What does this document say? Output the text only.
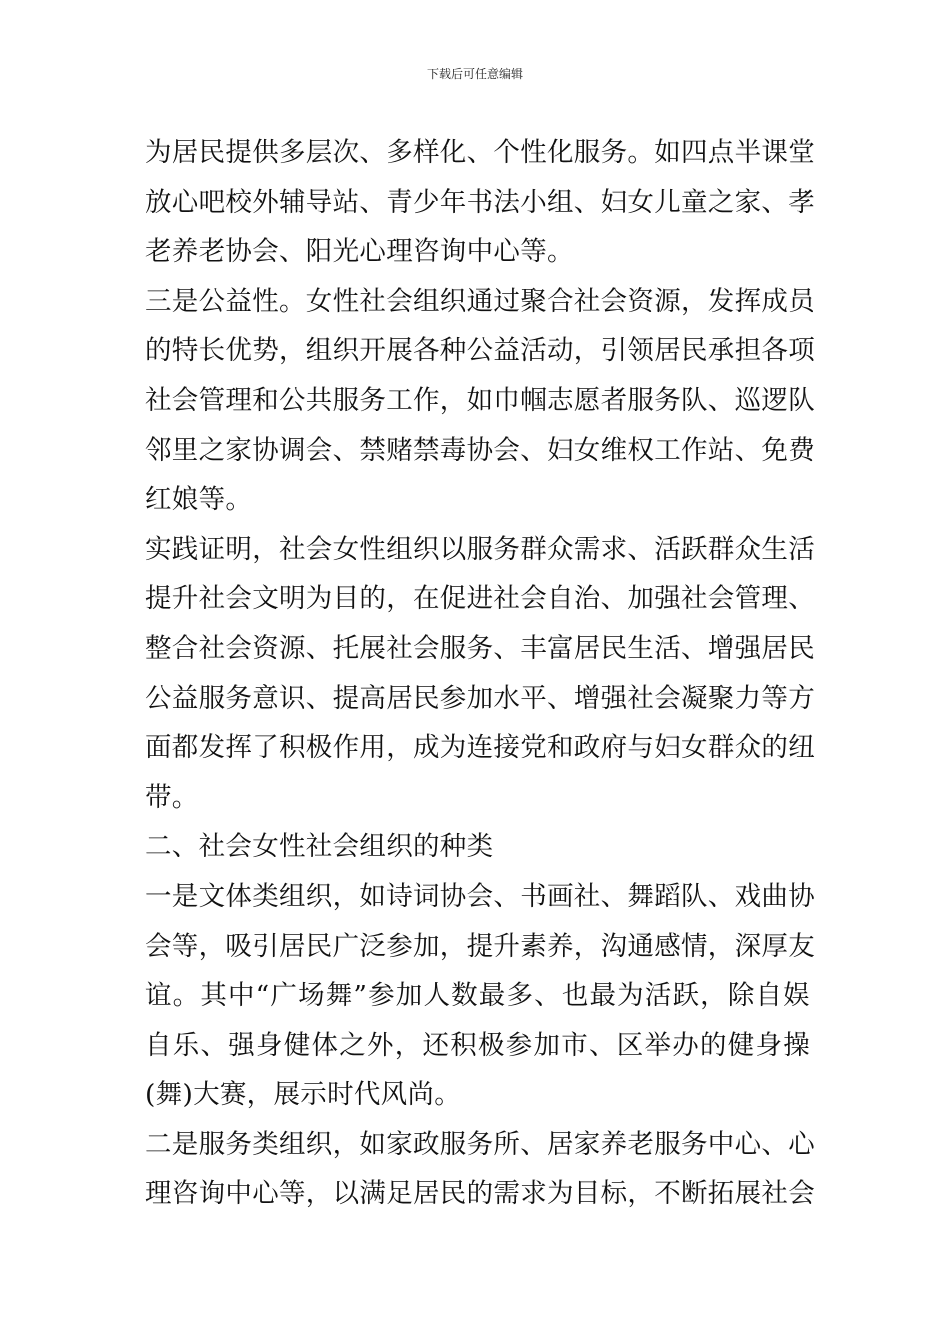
下载后可任意编辑
为居民提供多层次、多样化、个性化服务。如四点半课堂
放心吧校外辅导站、青少年书法小组、妇女儿童之家、孝
老养老协会、阳光心理咨询中心等。
三是公益性。女性社会组织通过聚合社会资源，发挥成员
的特长优势，组织开展各种公益活动，引领居民承担各项
社会管理和公共服务工作，如巾帼志愿者服务队、巡逻队
邻里之家协调会、禁赌禁毒协会、妇女维权工作站、免费
红娘等。
实践证明，社会女性组织以服务群众需求、活跃群众生活
提升社会文明为目的，在促进社会自治、加强社会管理、
整合社会资源、托展社会服务、丰富居民生活、增强居民
公益服务意识、提高居民参加水平、增强社会凝聚力等方
面都发挥了积极作用，成为连接党和政府与妇女群众的纽
带。
二、社会女性社会组织的种类
一是文体类组织，如诗词协会、书画社、舞蹈队、戏曲协
会等，吸引居民广泛参加，提升素养，沟通感情，深厚友
谊。其中“广场舞”参加人数最多、也最为活跃，除自娱
自乐、强身健体之外，还积极参加市、区举办的健身操
(舞)大赛，展示时代风尚。
二是服务类组织，如家政服务所、居家养老服务中心、心
理咨询中心等，以满足居民的需求为目标，不断拓展社会
